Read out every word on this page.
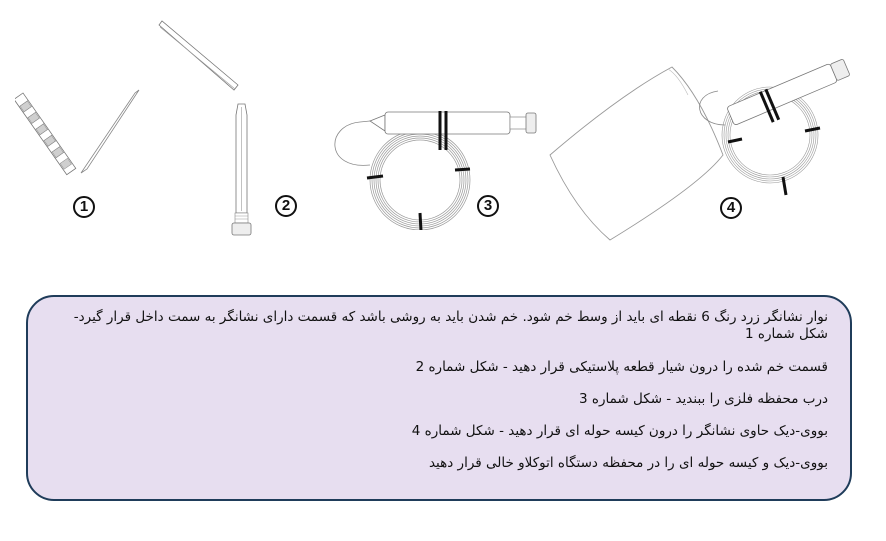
1	2	3	4

نوار نشانگر زرد رنگ 6 نقطه ای باید از وسط خم شود. خم شدن باید به روشی باشد که قسمت دارای نشانگر به سمت داخل قرار گیرد- شکل شماره 1

قسمت خم شده را درون شیار قطعه پلاستیکی قرار دهید - شکل شماره 2

درب محفظه فلزی را ببندید - شکل شماره 3

بووی-دیک حاوی نشانگر را درون کیسه حوله ای قرار دهید - شکل شماره 4

بووی-دیک و کیسه حوله ای را در محفظه دستگاه اتوکلاو خالی قرار دهید
